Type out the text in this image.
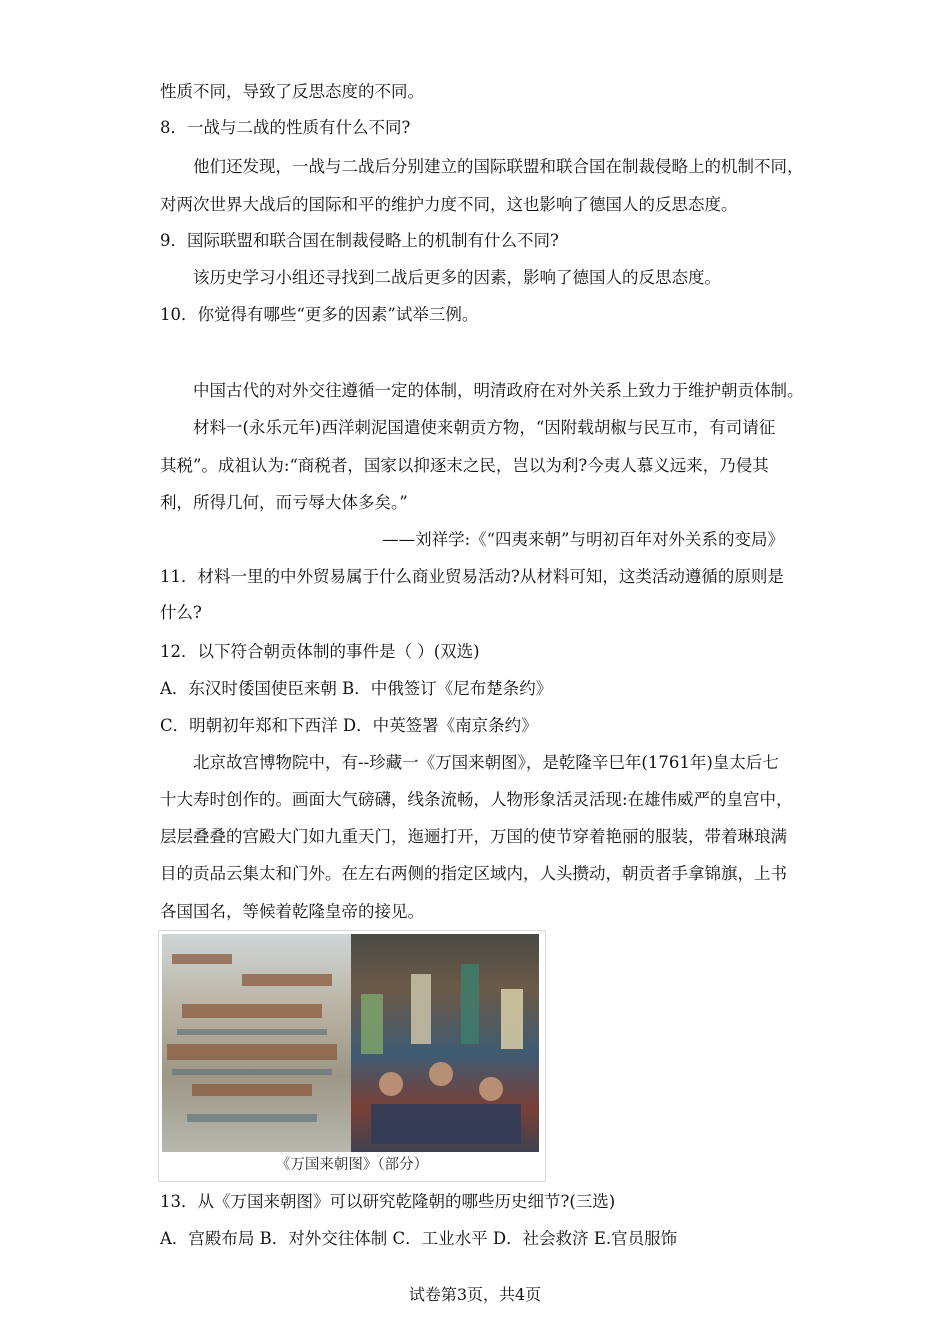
性质不同，导致了反思态度的不同。
8．一战与二战的性质有什么不同?
他们还发现，一战与二战后分别建立的国际联盟和联合国在制裁侵略上的机制不同，
对两次世界大战后的国际和平的维护力度不同，这也影响了德国人的反思态度。
9．国际联盟和联合国在制裁侵略上的机制有什么不同?
该历史学习小组还寻找到二战后更多的因素，影响了德国人的反思态度。
10．你觉得有哪些“更多的因素”试举三例。
中国古代的对外交往遵循一定的体制，明清政府在对外关系上致力于维护朝贡体制。
材料一(永乐元年)西洋刺泥国遣使来朝贡方物，“因附载胡椒与民互市，有司请征
其税”。成祖认为:“商税者，国家以抑逐末之民，岂以为利?今夷人慕义远来，乃侵其
利，所得几何，而亏辱大体多矣。”
——刘祥学:《“四夷来朝”与明初百年对外关系的变局》
11．材料一里的中外贸易属于什么商业贸易活动?从材料可知，这类活动遵循的原则是
什么?
12．以下符合朝贡体制的事件是（ ）(双选)
A．东汉时倭国使臣来朝 B．中俄签订《尼布楚条约》
C．明朝初年郑和下西洋 D．中英签署《南京条约》
北京故宫博物院中，有--珍藏一《万国来朝图》，是乾隆辛巳年(1761年)皇太后七
十大寿时创作的。画面大气磅礴，线条流畅，人物形象活灵活现:在雄伟威严的皇宫中，
层层叠叠的宫殿大门如九重天门，迤逦打开，万国的使节穿着艳丽的服装，带着琳琅满
目的贡品云集太和门外。在左右两侧的指定区域内，人头攒动，朝贡者手拿锦旗，上书
各国国名，等候着乾隆皇帝的接见。
《万国来朝图》（部分）
13．从《万国来朝图》可以研究乾隆朝的哪些历史细节?(三选)
A．宫殿布局 B．对外交往体制 C．工业水平 D．社会救济 E.官员服饰
试卷第3页，共4页
